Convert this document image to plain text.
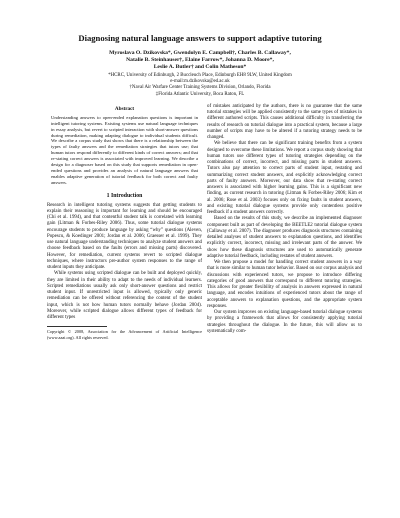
Diagnosing natural language answers to support adaptive tutoring
Myroslava O. Dzikovska*, Gwendolyn E. Campbell†, Charles B. Callaway*,
Natalie B. Steinhauser†, Elaine Farrow*, Johanna D. Moore*,
Leslie A. Butler† and Colin Matheson*
*HCRC, University of Edinburgh, 2 Buccleuch Place, Edinburgh EH8 9LW, United Kingdom
e-mail:m.dzikovska@ed.ac.uk
†Naval Air Warfare Center Training Systems Division, Orlando, Florida
‡Florida Atlantic University, Boca Raton, FL
Abstract

Understanding answers to open-ended explanation questions is important in intelligent tutoring systems. Existing systems use natural language techniques in essay analysis, but revert to scripted interaction with short-answer questions during remediation, making adapting dialogue to individual students difficult. We describe a corpus study that shows that there is a relationship between the types of faulty answers and the remediation strategies that tutors use; that human tutors respond differently to different kinds of correct answers; and that re-stating correct answers is associated with improved learning. We describe a design for a diagnoser based on this study that supports remediation in open-ended questions and provides an analysis of natural language answers that enables adaptive generation of tutorial feedback for both correct and faulty answers.

1 Introduction

Research in intelligent tutoring systems suggests that getting students to explain their reasoning is important for learning and should be encouraged (Chi et al. 1994), and that contentful student talk is correlated with learning gain (Litman & Forbes-Riley 2006). Thus, some tutorial dialogue systems encourage students to produce language by asking “why” questions (Aleven, Popescu, & Koedinger 2001; Jordan et al. 2006; Graesser et al. 1999). They use natural language understanding techniques to analyze student answers and choose feedback based on the faults (errors and missing parts) discovered. However, for remediation, current systems revert to scripted dialogue techniques, where instructors pre-author system responses to the range of student inputs they anticipate.

While systems using scripted dialogue can be built and deployed quickly, they are limited in their ability to adapt to the needs of individual learners. Scripted remediations usually ask only short-answer questions and restrict student input. If unrestricted input is allowed, typically only generic remediation can be offered without referencing the content of the student input, which is not how human tutors normally behave (Jordan 2004). Moreover, while scripted dialogue allows different types of feedback for different types

Copyright © 2008, Association for the Advancement of Artificial Intelligence (www.aaai.org). All rights reserved.

of mistakes anticipated by the authors, there is no guarantee that the same tutorial strategies will be applied consistently to the same types of mistakes in different authored scripts. This causes additional difficulty in transferring the results of research on tutorial dialogue into a practical system, because a large number of scripts may have to be altered if a tutoring strategy needs to be changed.

We believe that there can be significant training benefits from a system designed to overcome these limitations. We report a corpus study showing that human tutors use different types of tutoring strategies depending on the combinations of correct, incorrect, and missing parts in student answers. Tutors also pay attention to correct parts of student input, restating and summarizing correct student answers, and explicitly acknowledging correct parts of faulty answers. Moreover, our data show that re-stating correct answers is associated with higher learning gains. This is a significant new finding, as current research in tutoring (Litman & Forbes-Riley 2006; Kim et al. 2006; Rose et al. 2003) focuses only on fixing faults in student answers, and existing tutorial dialogue systems provide only contentless positive feedback if a student answers correctly.

Based on the results of this study, we describe an implemented diagnoser component built as part of developing the BEETLE2 tutorial dialogue system (Callaway et al. 2007). The diagnoser produces diagnosis structures containing detailed analyses of student answers to explanation questions, and identifies explicitly correct, incorrect, missing and irrelevant parts of the answer. We show how these diagnosis structures are used to automatically generate adaptive tutorial feedback, including restates of student answers.

We then propose a model for handling correct student answers in a way that is more similar to human tutor behavior. Based on our corpus analysis and discussions with experienced tutors, we propose to introduce differing categories of good answers that correspond to different tutoring strategies. This allows for greater flexibility of analysis in answers expressed in natural language, and encodes intuitions of experienced tutors about the range of acceptable answers to explanation questions, and the appropriate system responses.

Our system improves on existing language-based tutorial dialogue systems by providing a framework that allows for consistently applying tutorial strategies throughout the dialogue. In the future, this will allow us to systematically com-
